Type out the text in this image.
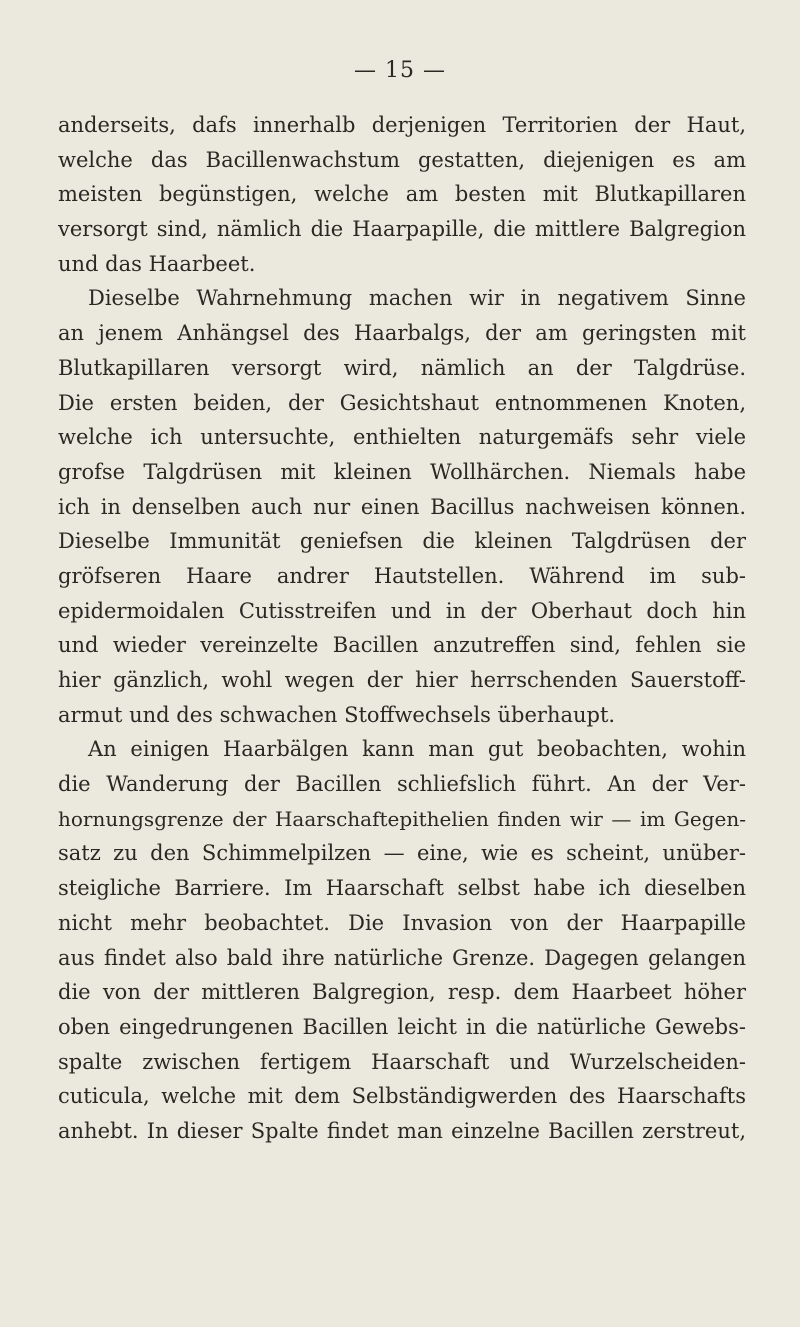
— 15 —
anderseits, dafs innerhalb derjenigen Territorien der Haut,
welche das Bacillenwachstum gestatten, diejenigen es am
meisten begünstigen, welche am besten mit Blutkapillaren
versorgt sind, nämlich die Haarpapille, die mittlere Balgregion
und das Haarbeet.
Dieselbe Wahrnehmung machen wir in negativem Sinne
an jenem Anhängsel des Haarbalgs, der am geringsten mit
Blutkapillaren versorgt wird, nämlich an der Talgdrüse.
Die ersten beiden, der Gesichtshaut entnommenen Knoten,
welche ich untersuchte, enthielten naturgemäfs sehr viele
grofse Talgdrüsen mit kleinen Wollhärchen. Niemals habe
ich in denselben auch nur einen Bacillus nachweisen können.
Dieselbe Immunität geniefsen die kleinen Talgdrüsen der
gröfseren Haare andrer Hautstellen. Während im sub-
epidermoidalen Cutisstreifen und in der Oberhaut doch hin
und wieder vereinzelte Bacillen anzutreffen sind, fehlen sie
hier gänzlich, wohl wegen der hier herrschenden Sauerstoff-
armut und des schwachen Stoffwechsels überhaupt.
An einigen Haarbälgen kann man gut beobachten, wohin
die Wanderung der Bacillen schliefslich führt. An der Ver-
hornungsgrenze der Haarschaftepithelien finden wir — im Gegen-
satz zu den Schimmelpilzen — eine, wie es scheint, unüber-
steigliche Barriere. Im Haarschaft selbst habe ich dieselben
nicht mehr beobachtet. Die Invasion von der Haarpapille
aus findet also bald ihre natürliche Grenze. Dagegen gelangen
die von der mittleren Balgregion, resp. dem Haarbeet höher
oben eingedrungenen Bacillen leicht in die natürliche Gewebs-
spalte zwischen fertigem Haarschaft und Wurzelscheiden-
cuticula, welche mit dem Selbständigwerden des Haarschafts
anhebt. In dieser Spalte findet man einzelne Bacillen zerstreut,
